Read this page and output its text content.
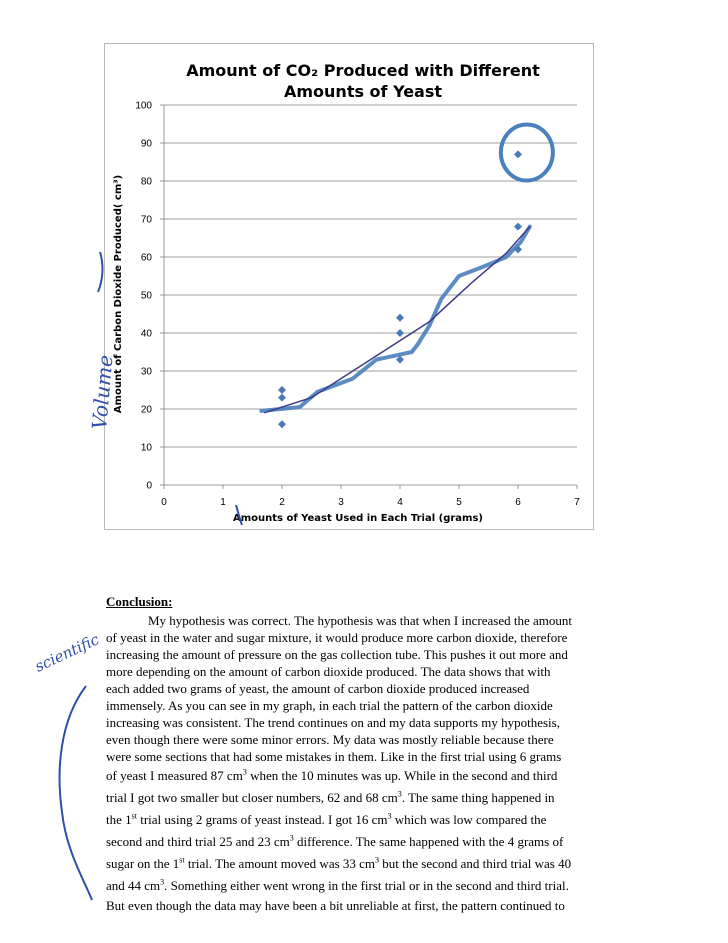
0	1	2	3	4	5	6	7
0
10
20
30
40
50
60
70
80
90
100
Amount of CO₂ Produced with Different
Amounts of Yeast
Amounts of Yeast Used in Each Trial (grams)
Amount of Carbon Dioxide Produced( cm³)
Volume
scientific
Conclusion:

My hypothesis was correct. The hypothesis was that when I increased the amount
of yeast in the water and sugar mixture, it would produce more carbon dioxide, therefore
increasing the amount of pressure on the gas collection tube. This pushes it out more and
more depending on the amount of carbon dioxide produced. The data shows that with
each added two grams of yeast, the amount of carbon dioxide produced increased
immensely. As you can see in my graph, in each trial the pattern of the carbon dioxide
increasing was consistent. The trend continues on and my data supports my hypothesis,
even though there were some minor errors. My data was mostly reliable because there
were some sections that had some mistakes in them. Like in the first trial using 6 grams
of yeast I measured 87 $cm^3$ when the 10 minutes was up. While in the second and third
trial I got two smaller but closer numbers, 62 and 68 $cm^3$. The same thing happened in
the 1st trial using 2 grams of yeast instead. I got 16 $cm^3$ which was low compared the
second and third trial 25 and 23 $cm^3$ difference. The same happened with the 4 grams of
sugar on the 1st trial. The amount moved was 33 $cm^3$ but the second and third trial was 40
and 44 $cm^3$. Something either went wrong in the first trial or in the second and third trial.
But even though the data may have been a bit unreliable at first, the pattern continued to
